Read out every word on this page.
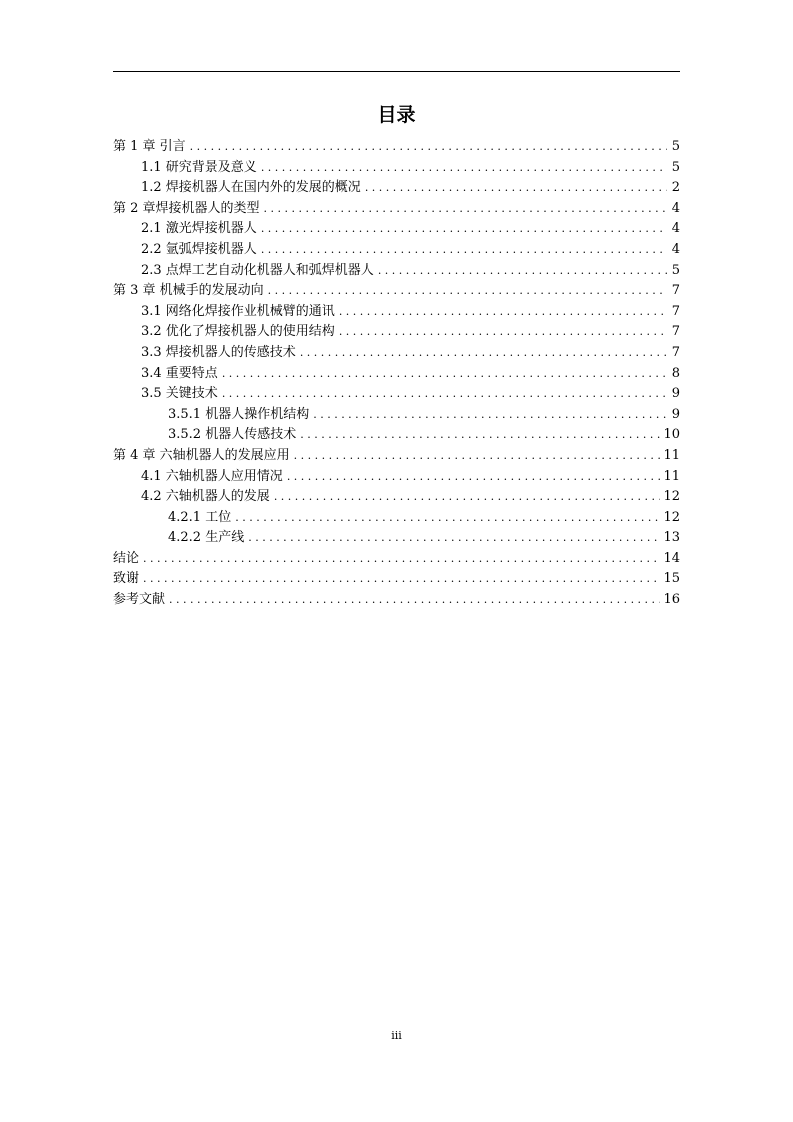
目录
第 1 章 引言 . . .	5
1.1 研究背景及意义 . . .	5
1.2 焊接机器人在国内外的发展的概况 . . .	2
第 2 章焊接机器人的类型 . . .	4
2.1 激光焊接机器人 . . .	4
2.2 氩弧焊接机器人 . . .	4
2.3 点焊工艺自动化机器人和弧焊机器人 . . .	5
第 3 章 机械手的发展动向 . . .	7
3.1 网络化焊接作业机械臂的通讯 . . .	7
3.2 优化了焊接机器人的使用结构 . . .	7
3.3 焊接机器人的传感技术 . . .	7
3.4 重要特点 . . .	8
3.5 关键技术 . . .	9
3.5.1 机器人操作机结构 . . .	9
3.5.2 机器人传感技术 . . .	10
第 4 章 六轴机器人的发展应用 . . .	11
4.1 六轴机器人应用情况 . . .	11
4.2 六轴机器人的发展 . . .	12
4.2.1 工位 . . .	12
4.2.2 生产线 . . .	13
结论 . . .	14
致谢 . . .	15
参考文献 . . .	16
iii
